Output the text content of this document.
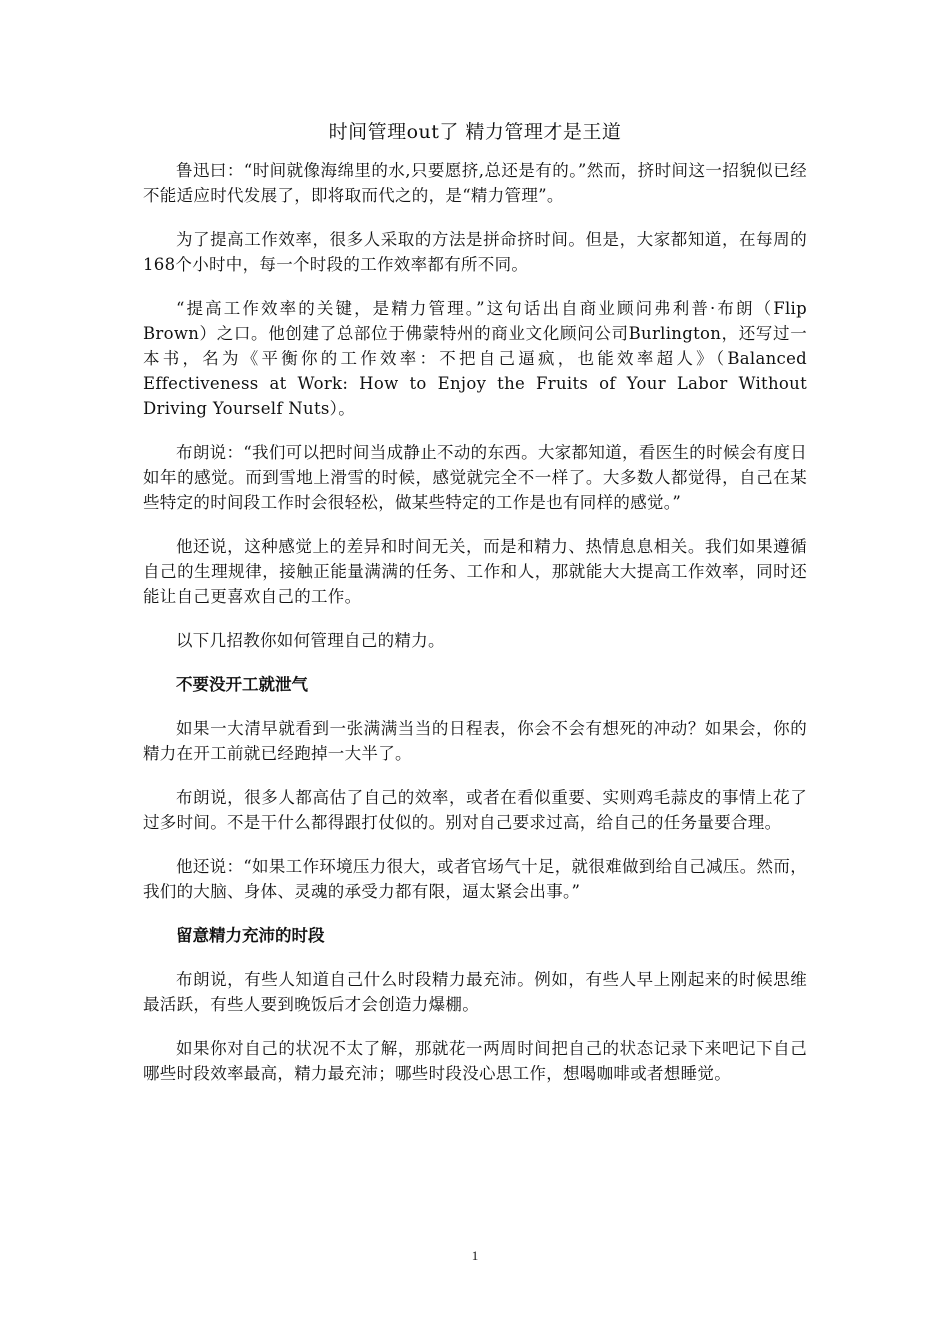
时间管理out了 精力管理才是王道

鲁迅曰：“时间就像海绵里的水,只要愿挤,总还是有的。”然而，挤时间这一招貌似已经不能适应时代发展了，即将取而代之的，是“精力管理”。

为了提高工作效率，很多人采取的方法是拼命挤时间。但是，大家都知道，在每周的168个小时中，每一个时段的工作效率都有所不同。

“提高工作效率的关键，是精力管理。”这句话出自商业顾问弗利普·布朗（Flip Brown）之口。他创建了总部位于佛蒙特州的商业文化顾问公司Burlington，还写过一本书，名为《平衡你的工作效率：不把自己逼疯，也能效率超人》（Balanced Effectiveness at Work: How to Enjoy the Fruits of Your Labor Without Driving Yourself Nuts）。

布朗说：“我们可以把时间当成静止不动的东西。大家都知道，看医生的时候会有度日如年的感觉。而到雪地上滑雪的时候，感觉就完全不一样了。大多数人都觉得，自己在某些特定的时间段工作时会很轻松，做某些特定的工作是也有同样的感觉。”

他还说，这种感觉上的差异和时间无关，而是和精力、热情息息相关。我们如果遵循自己的生理规律，接触正能量满满的任务、工作和人，那就能大大提高工作效率，同时还能让自己更喜欢自己的工作。

以下几招教你如何管理自己的精力。

不要没开工就泄气

如果一大清早就看到一张满满当当的日程表，你会不会有想死的冲动？如果会，你的精力在开工前就已经跑掉一大半了。

布朗说，很多人都高估了自己的效率，或者在看似重要、实则鸡毛蒜皮的事情上花了过多时间。不是干什么都得跟打仗似的。别对自己要求过高，给自己的任务量要合理。

他还说：“如果工作环境压力很大，或者官场气十足，就很难做到给自己减压。然而，我们的大脑、身体、灵魂的承受力都有限，逼太紧会出事。”

留意精力充沛的时段

布朗说，有些人知道自己什么时段精力最充沛。例如，有些人早上刚起来的时候思维最活跃，有些人要到晚饭后才会创造力爆棚。

如果你对自己的状况不太了解，那就花一两周时间把自己的状态记录下来吧记下自己哪些时段效率最高，精力最充沛；哪些时段没心思工作，想喝咖啡或者想睡觉。

1
